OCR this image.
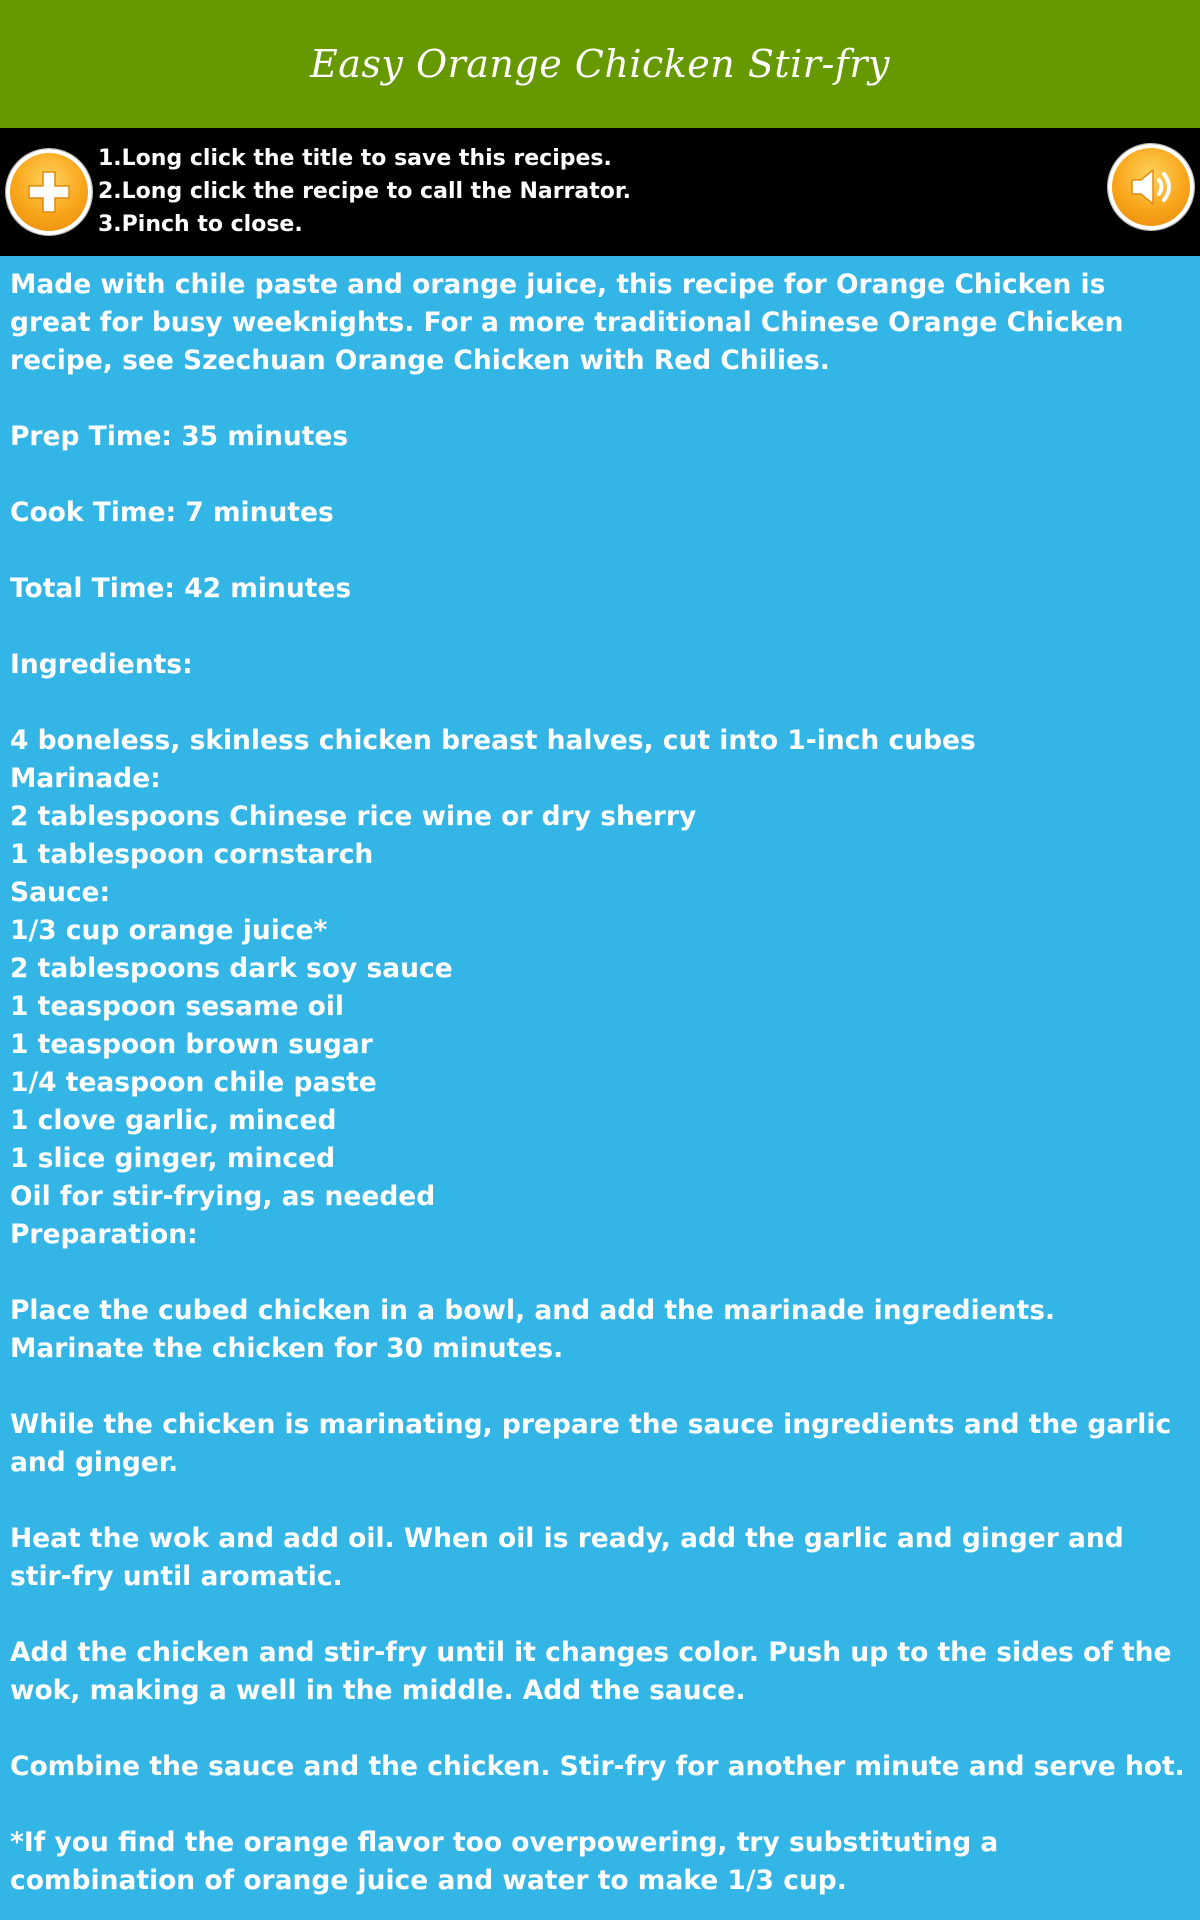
Easy Orange Chicken Stir-fry
1.Long click the title to save this recipes.
2.Long click the recipe to call the Narrator.
3.Pinch to close.

Made with chile paste and orange juice, this recipe for Orange Chicken is great for busy weeknights. For a more traditional Chinese Orange Chicken recipe, see Szechuan Orange Chicken with Red Chilies.

Prep Time: 35 minutes

Cook Time: 7 minutes

Total Time: 42 minutes

Ingredients:

4 boneless, skinless chicken breast halves, cut into 1-inch cubes
Marinade:
2 tablespoons Chinese rice wine or dry sherry
1 tablespoon cornstarch
Sauce:
1/3 cup orange juice*
2 tablespoons dark soy sauce
1 teaspoon sesame oil
1 teaspoon brown sugar
1/4 teaspoon chile paste
1 clove garlic, minced
1 slice ginger, minced
Oil for stir-frying, as needed
Preparation:

Place the cubed chicken in a bowl, and add the marinade ingredients. Marinate the chicken for 30 minutes.

While the chicken is marinating, prepare the sauce ingredients and the garlic and ginger.

Heat the wok and add oil. When oil is ready, add the garlic and ginger and stir-fry until aromatic.

Add the chicken and stir-fry until it changes color. Push up to the sides of the wok, making a well in the middle. Add the sauce.

Combine the sauce and the chicken. Stir-fry for another minute and serve hot.

*If you find the orange flavor too overpowering, try substituting a combination of orange juice and water to make 1/3 cup.
